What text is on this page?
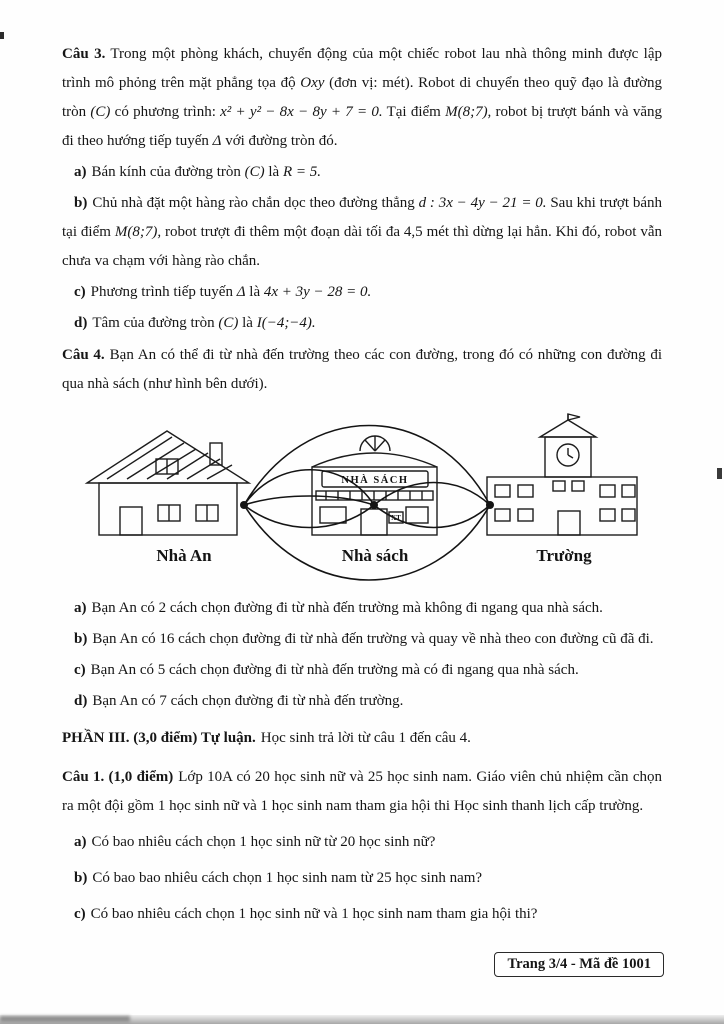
Câu 3. Trong một phòng khách, chuyển động của một chiếc robot lau nhà thông minh được lập trình mô phỏng trên mặt phẳng tọa độ Oxy (đơn vị: mét). Robot di chuyển theo quỹ đạo là đường tròn (C) có phương trình: x² + y² − 8x − 8y + 7 = 0. Tại điểm M(8;7), robot bị trượt bánh và văng đi theo hướng tiếp tuyến Δ với đường tròn đó.

a) Bán kính của đường tròn (C) là R = 5.

b) Chủ nhà đặt một hàng rào chắn dọc theo đường thẳng d : 3x − 4y − 21 = 0. Sau khi trượt bánh tại điểm M(8;7), robot trượt đi thêm một đoạn dài tối đa 4,5 mét thì dừng lại hẳn. Khi đó, robot vẫn chưa va chạm với hàng rào chắn.

c) Phương trình tiếp tuyến Δ là 4x + 3y − 28 = 0.

d) Tâm của đường tròn (C) là I(−4;−4).

Câu 4. Bạn An có thể đi từ nhà đến trường theo các con đường, trong đó có những con đường đi qua nhà sách (như hình bên dưới).

NHÀ SÁCH
XT
Nhà An	Nhà sách	Trường

a) Bạn An có 2 cách chọn đường đi từ nhà đến trường mà không đi ngang qua nhà sách.

b) Bạn An có 16 cách chọn đường đi từ nhà đến trường và quay về nhà theo con đường cũ đã đi.

c) Bạn An có 5 cách chọn đường đi từ nhà đến trường mà có đi ngang qua nhà sách.

d) Bạn An có 7 cách chọn đường đi từ nhà đến trường.

PHẦN III. (3,0 điểm) Tự luận. Học sinh trả lời từ câu 1 đến câu 4.

Câu 1. (1,0 điểm) Lớp 10A có 20 học sinh nữ và 25 học sinh nam. Giáo viên chủ nhiệm cần chọn ra một đội gồm 1 học sinh nữ và 1 học sinh nam tham gia hội thi Học sinh thanh lịch cấp trường.

a) Có bao nhiêu cách chọn 1 học sinh nữ từ 20 học sinh nữ?

b) Có bao bao nhiêu cách chọn 1 học sinh nam từ 25 học sinh nam?

c) Có bao nhiêu cách chọn 1 học sinh nữ và 1 học sinh nam tham gia hội thi?

Trang 3/4 - Mã đề 1001
